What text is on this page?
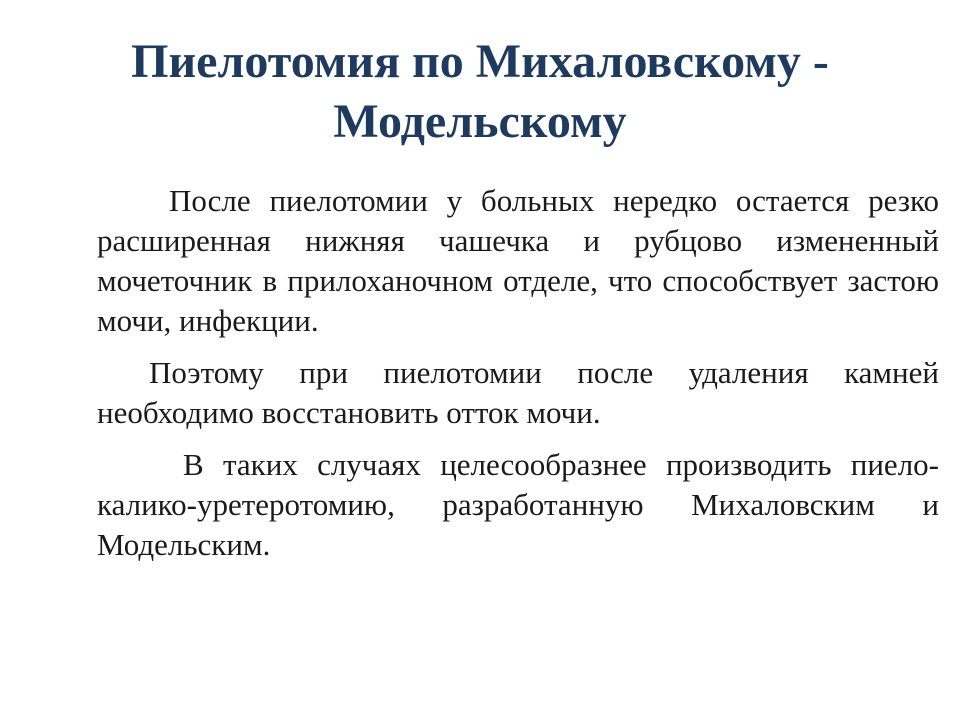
Пиелотомия по Михаловскому -
Модельскому

После пиелотомии у больных нередко остается резко расширенная нижняя чашечка и рубцово измененный мочеточник в прилоханочном отделе, что способствует застою мочи, инфекции.

Поэтому при пиелотомии после удаления камней необходимо восстановить отток мочи.

В таких случаях целесообразнее производить пиело-калико-уретеротомию, разработанную Михаловским и Модельским.
